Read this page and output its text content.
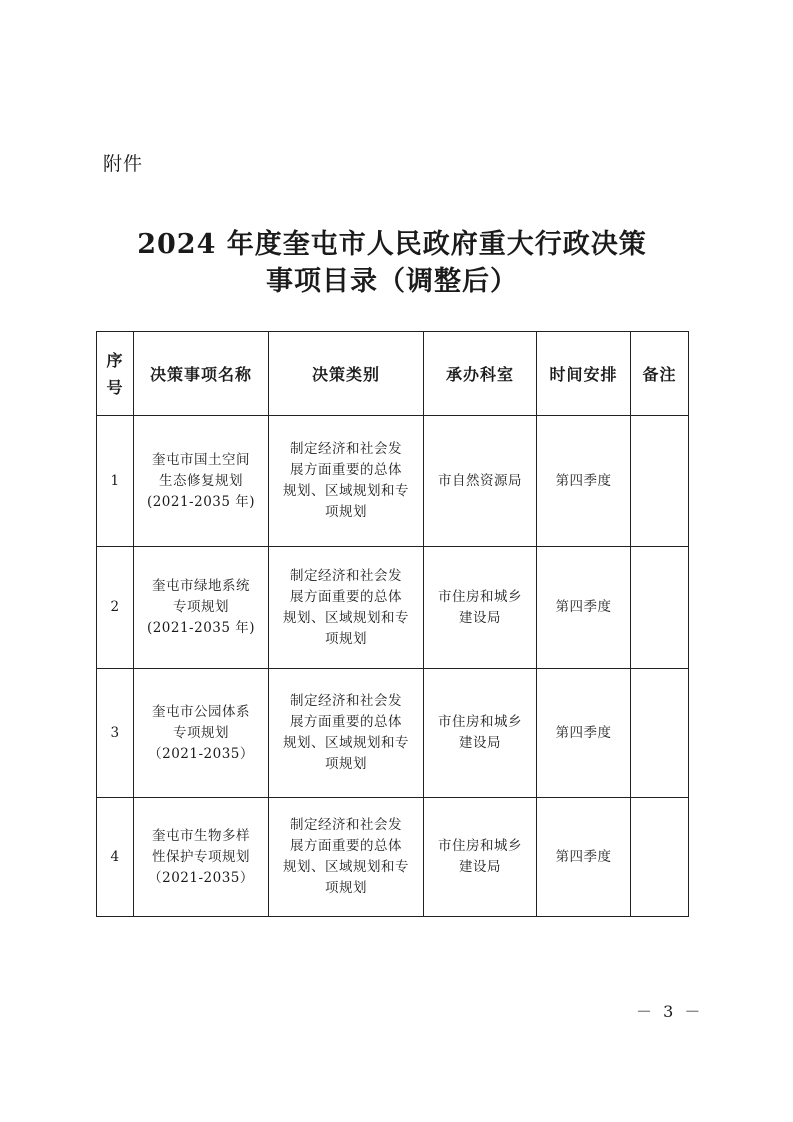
附件
2024 年度奎屯市人民政府重大行政决策
事项目录（调整后）
序
号	决策事项名称	决策类别	承办科室	时间安排	备注
1	奎屯市国土空间
生态修复规划
(2021-2035 年)	制定经济和社会发
展方面重要的总体
规划、区域规划和专
项规划	市自然资源局	第四季度	
2	奎屯市绿地系统
专项规划
(2021-2035 年)	制定经济和社会发
展方面重要的总体
规划、区域规划和专
项规划	市住房和城乡
建设局	第四季度	
3	奎屯市公园体系
专项规划
（2021-2035）	制定经济和社会发
展方面重要的总体
规划、区域规划和专
项规划	市住房和城乡
建设局	第四季度	
4	奎屯市生物多样
性保护专项规划
（2021-2035）	制定经济和社会发
展方面重要的总体
规划、区域规划和专
项规划	市住房和城乡
建设局	第四季度	
－ 3 －
